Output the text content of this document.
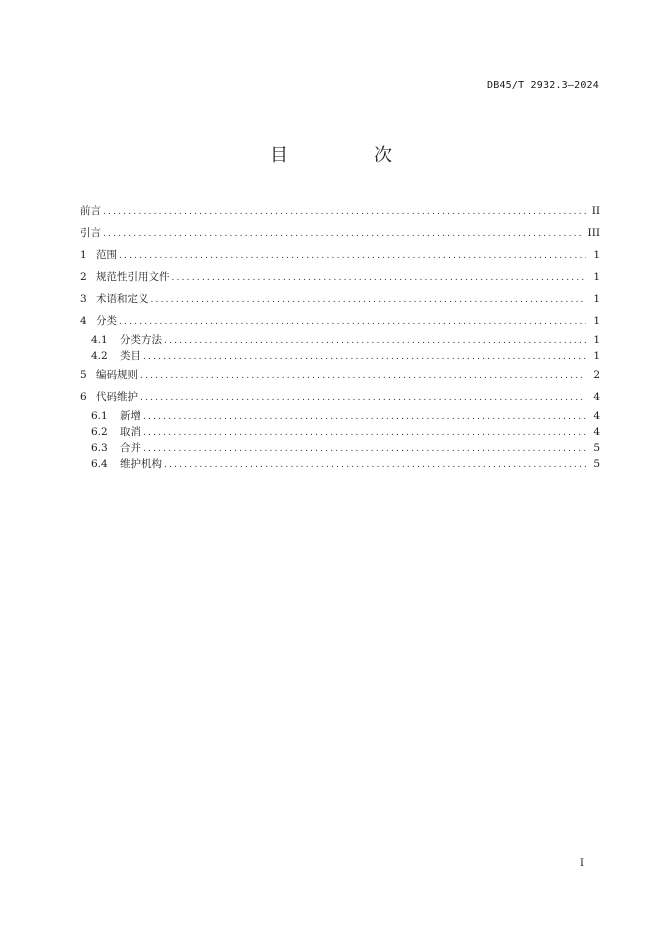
DB45/T 2932.3—2024
目　次
前言 .....	II
引言 .....	III
1 范围 .....	1
2 规范性引用文件 .....	1
3 术语和定义 .....	1
4 分类 .....	1
4.1	分类方法 .....	1
4.2	类目 .....	1
5 编码规则 .....	2
6 代码维护 .....	4
6.1	新增 .....	4
6.2	取消 .....	4
6.3	合并 .....	5
6.4	维护机构 .....	5
I
